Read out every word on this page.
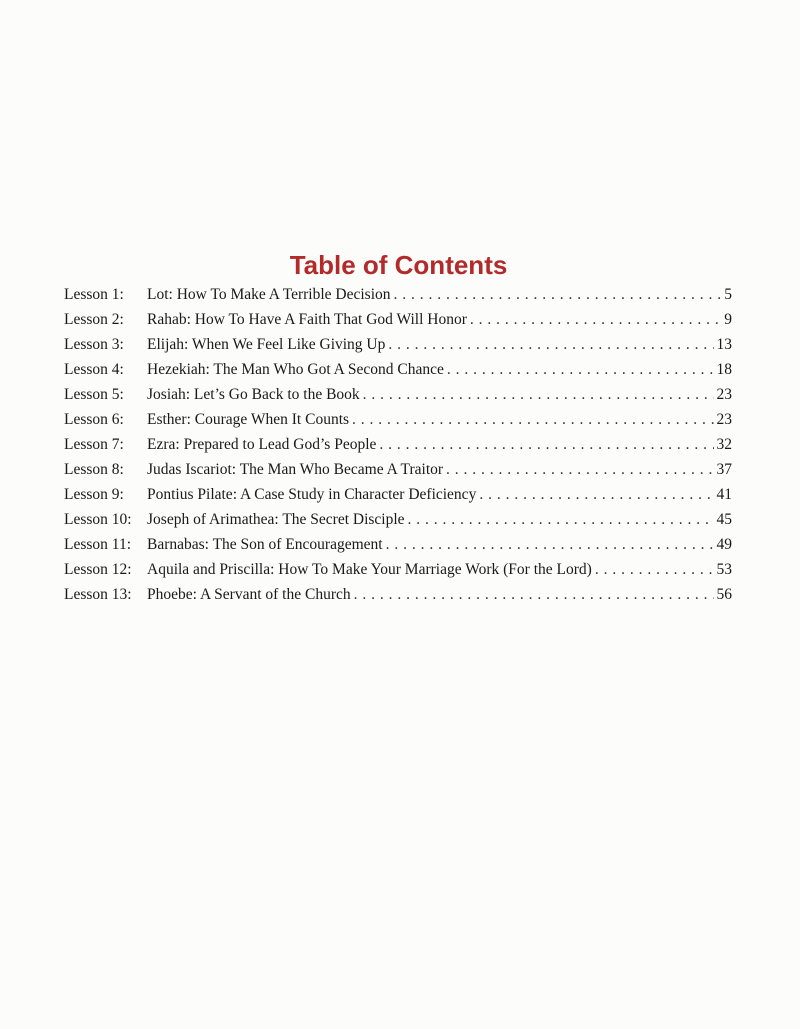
Table of Contents
Lesson 1:	Lot: How To Make A Terrible Decision . . .	5
Lesson 2:	Rahab: How To Have A Faith That God Will Honor . . .	9
Lesson 3:	Elijah: When We Feel Like Giving Up . . .	13
Lesson 4:	Hezekiah: The Man Who Got A Second Chance . . .	18
Lesson 5:	Josiah: Let’s Go Back to the Book . . .	23
Lesson 6:	Esther: Courage When It Counts . . .	23
Lesson 7:	Ezra: Prepared to Lead God’s People . . .	32
Lesson 8:	Judas Iscariot: The Man Who Became A Traitor . . .	37
Lesson 9:	Pontius Pilate: A Case Study in Character Deficiency . . .	41
Lesson 10: Joseph of Arimathea: The Secret Disciple . . .	45
Lesson 11:	Barnabas: The Son of Encouragement . . .	49
Lesson 12: Aquila and Priscilla: How To Make Your Marriage Work (For the Lord) . . .	53
Lesson 13: Phoebe: A Servant of the Church . . .	56
